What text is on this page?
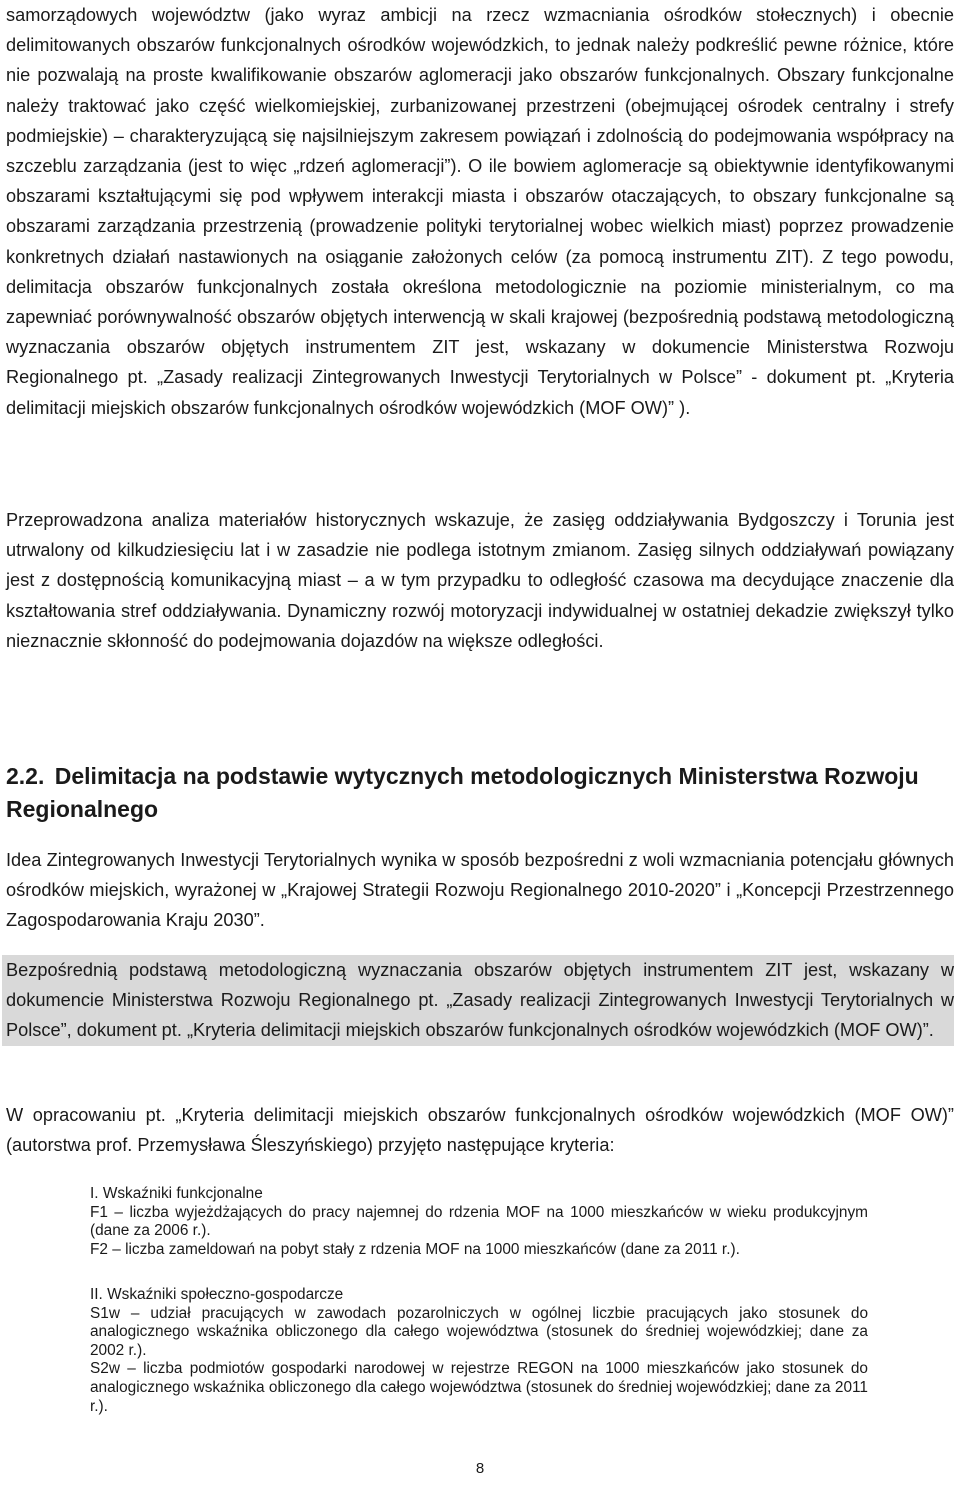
samorządowych województw (jako wyraz ambicji na rzecz wzmacniania ośrodków stołecznych) i obecnie delimitowanych obszarów funkcjonalnych ośrodków wojewódzkich, to jednak należy podkreślić pewne różnice, które nie pozwalają na proste kwalifikowanie obszarów aglomeracji jako obszarów funkcjonalnych. Obszary funkcjonalne należy traktować jako część wielkomiejskiej, zurbanizowanej przestrzeni (obejmującej ośrodek centralny i strefy podmiejskie) – charakteryzującą się najsilniejszym zakresem powiązań i zdolnością do podejmowania współpracy na szczeblu zarządzania (jest to więc „rdzeń aglomeracji”). O ile bowiem aglomeracje są obiektywnie identyfikowanymi obszarami kształtującymi się pod wpływem interakcji miasta i obszarów otaczających, to obszary funkcjonalne są obszarami zarządzania przestrzenią (prowadzenie polityki terytorialnej wobec wielkich miast) poprzez prowadzenie konkretnych działań nastawionych na osiąganie założonych celów (za pomocą instrumentu ZIT). Z tego powodu, delimitacja obszarów funkcjonalnych została określona metodologicznie na poziomie ministerialnym, co ma zapewniać porównywalność obszarów objętych interwencją w skali krajowej (bezpośrednią podstawą metodologiczną wyznaczania obszarów objętych instrumentem ZIT jest, wskazany w dokumencie Ministerstwa Rozwoju Regionalnego pt. „Zasady realizacji Zintegrowanych Inwestycji Terytorialnych w Polsce” - dokument pt. „Kryteria delimitacji miejskich obszarów funkcjonalnych ośrodków wojewódzkich (MOF OW)” ).

Przeprowadzona analiza materiałów historycznych wskazuje, że zasięg oddziaływania Bydgoszczy i Torunia jest utrwalony od kilkudziesięciu lat i w zasadzie nie podlega istotnym zmianom. Zasięg silnych oddziaływań powiązany jest z dostępnością komunikacyjną miast – a w tym przypadku to odległość czasowa ma decydujące znaczenie dla kształtowania stref oddziaływania. Dynamiczny rozwój motoryzacji indywidualnej w ostatniej dekadzie zwiększył tylko nieznacznie skłonność do podejmowania dojazdów na większe odległości.

2.2. Delimitacja na podstawie wytycznych metodologicznych Ministerstwa Rozwoju Regionalnego

Idea Zintegrowanych Inwestycji Terytorialnych wynika w sposób bezpośredni z woli wzmacniania potencjału głównych ośrodków miejskich, wyrażonej w „Krajowej Strategii Rozwoju Regionalnego 2010-2020” i „Koncepcji Przestrzennego Zagospodarowania Kraju 2030”.

Bezpośrednią podstawą metodologiczną wyznaczania obszarów objętych instrumentem ZIT jest, wskazany w dokumencie Ministerstwa Rozwoju Regionalnego pt. „Zasady realizacji Zintegrowanych Inwestycji Terytorialnych w Polsce”, dokument pt. „Kryteria delimitacji miejskich obszarów funkcjonalnych ośrodków wojewódzkich (MOF OW)”.

W opracowaniu pt. „Kryteria delimitacji miejskich obszarów funkcjonalnych ośrodków wojewódzkich (MOF OW)” (autorstwa prof. Przemysława Śleszyńskiego) przyjęto następujące kryteria:

I. Wskaźniki funkcjonalne

F1 – liczba wyjeżdżających do pracy najemnej do rdzenia MOF na 1000 mieszkańców w wieku produkcyjnym (dane za 2006 r.).

F2 – liczba zameldowań na pobyt stały z rdzenia MOF na 1000 mieszkańców (dane za 2011 r.).

II. Wskaźniki społeczno-gospodarcze

S1w – udział pracujących w zawodach pozarolniczych w ogólnej liczbie pracujących jako stosunek do analogicznego wskaźnika obliczonego dla całego województwa (stosunek do średniej wojewódzkiej; dane za 2002 r.).

S2w – liczba podmiotów gospodarki narodowej w rejestrze REGON na 1000 mieszkańców jako stosunek do analogicznego wskaźnika obliczonego dla całego województwa (stosunek do średniej wojewódzkiej; dane za 2011 r.).

8
